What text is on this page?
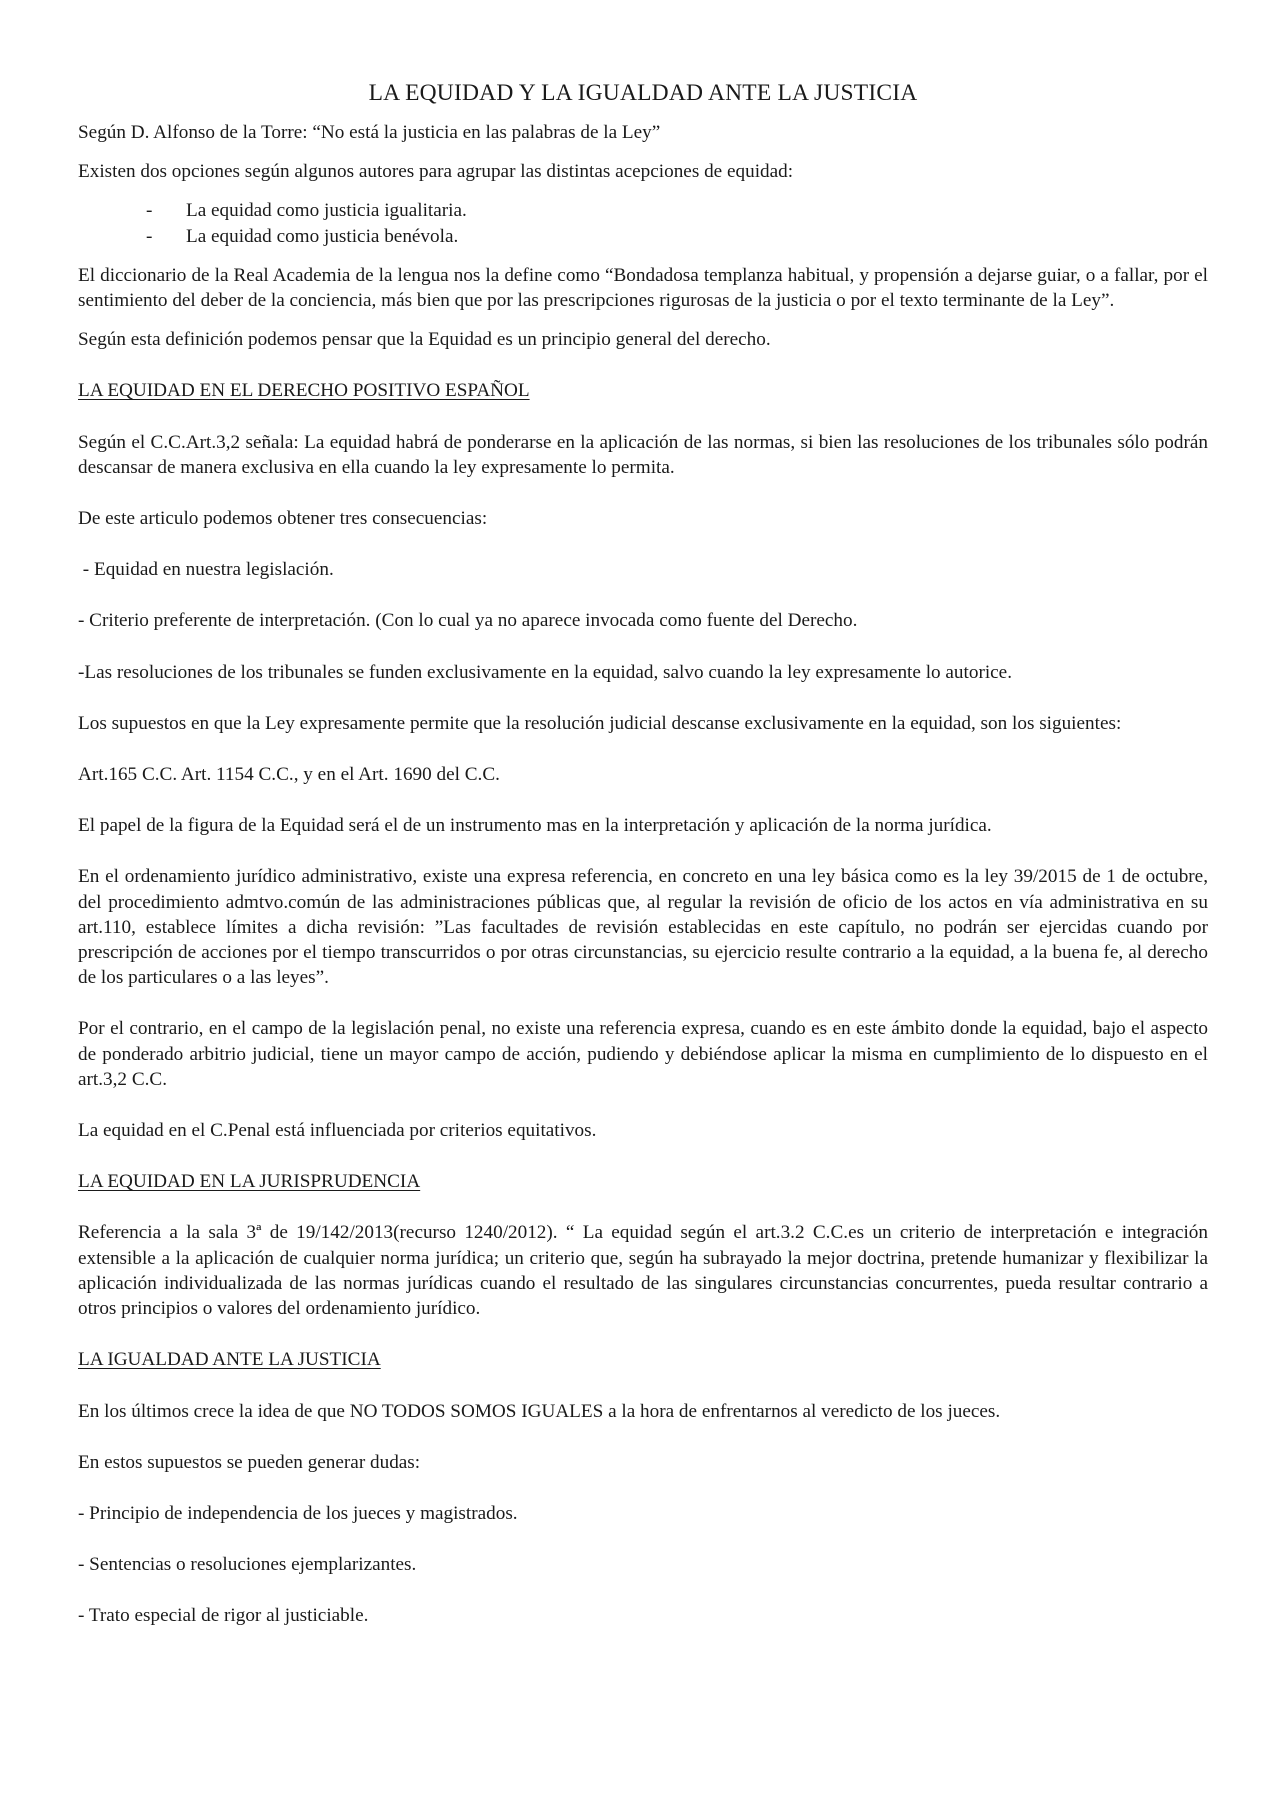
LA EQUIDAD Y LA IGUALDAD ANTE LA JUSTICIA

Según D. Alfonso de la Torre: “No está la justicia en las palabras de la Ley”

Existen dos opciones según algunos autores para agrupar las distintas acepciones de equidad:

- La equidad como justicia igualitaria.
- La equidad como justicia benévola.

El diccionario de la Real Academia de la lengua nos la define como “Bondadosa templanza habitual, y propensión a dejarse guiar, o a fallar, por el sentimiento del deber de la conciencia, más bien que por las prescripciones rigurosas de la justicia o por el texto terminante de la Ley”.

Según esta definición podemos pensar que la Equidad es un principio general del derecho.

LA EQUIDAD EN EL DERECHO POSITIVO ESPAÑOL

Según el C.C.Art.3,2 señala: La equidad habrá de ponderarse en la aplicación de las normas, si bien las resoluciones de los tribunales sólo podrán descansar de manera exclusiva en ella cuando la ley expresamente lo permita.

De este articulo podemos obtener tres consecuencias:

- Equidad en nuestra legislación.

- Criterio preferente de interpretación. (Con lo cual ya no aparece invocada como fuente del Derecho.

-Las resoluciones de los tribunales se funden exclusivamente en la equidad, salvo cuando la ley expresamente lo autorice.

Los supuestos en que la Ley expresamente permite que la resolución judicial descanse exclusivamente en la equidad, son los siguientes:

Art.165 C.C. Art. 1154 C.C., y en el Art. 1690 del C.C.

El papel de la figura de la Equidad será el de un instrumento mas en la interpretación y aplicación de la norma jurídica.

En el ordenamiento jurídico administrativo, existe una expresa referencia, en concreto en una ley básica como es la ley 39/2015 de 1 de octubre, del procedimiento admtvo.común de las administraciones públicas que, al regular la revisión de oficio de los actos en vía administrativa en su art.110, establece límites a dicha revisión: ”Las facultades de revisión establecidas en este capítulo, no podrán ser ejercidas cuando por prescripción de acciones por el tiempo transcurridos o por otras circunstancias, su ejercicio resulte contrario a la equidad, a la buena fe, al derecho de los particulares o a las leyes”.

Por el contrario, en el campo de la legislación penal, no existe una referencia expresa, cuando es en este ámbito donde la equidad, bajo el aspecto de ponderado arbitrio judicial, tiene un mayor campo de acción, pudiendo y debiéndose aplicar la misma en cumplimiento de lo dispuesto en el art.3,2 C.C.

La equidad en el C.Penal está influenciada por criterios equitativos.

LA EQUIDAD EN LA JURISPRUDENCIA

Referencia a la sala 3ª de 19/142/2013(recurso 1240/2012). “ La equidad según el art.3.2 C.C.es un criterio de interpretación e integración extensible a la aplicación de cualquier norma jurídica; un criterio que, según ha subrayado la mejor doctrina, pretende humanizar y flexibilizar la aplicación individualizada de las normas jurídicas cuando el resultado de las singulares circunstancias concurrentes, pueda resultar contrario a otros principios o valores del ordenamiento jurídico.

LA IGUALDAD ANTE LA JUSTICIA

En los últimos crece la idea de que NO TODOS SOMOS IGUALES a la hora de enfrentarnos al veredicto de los jueces.

En estos supuestos se pueden generar dudas:

- Principio de independencia de los jueces y magistrados.

- Sentencias o resoluciones ejemplarizantes.

- Trato especial de rigor al justiciable.
